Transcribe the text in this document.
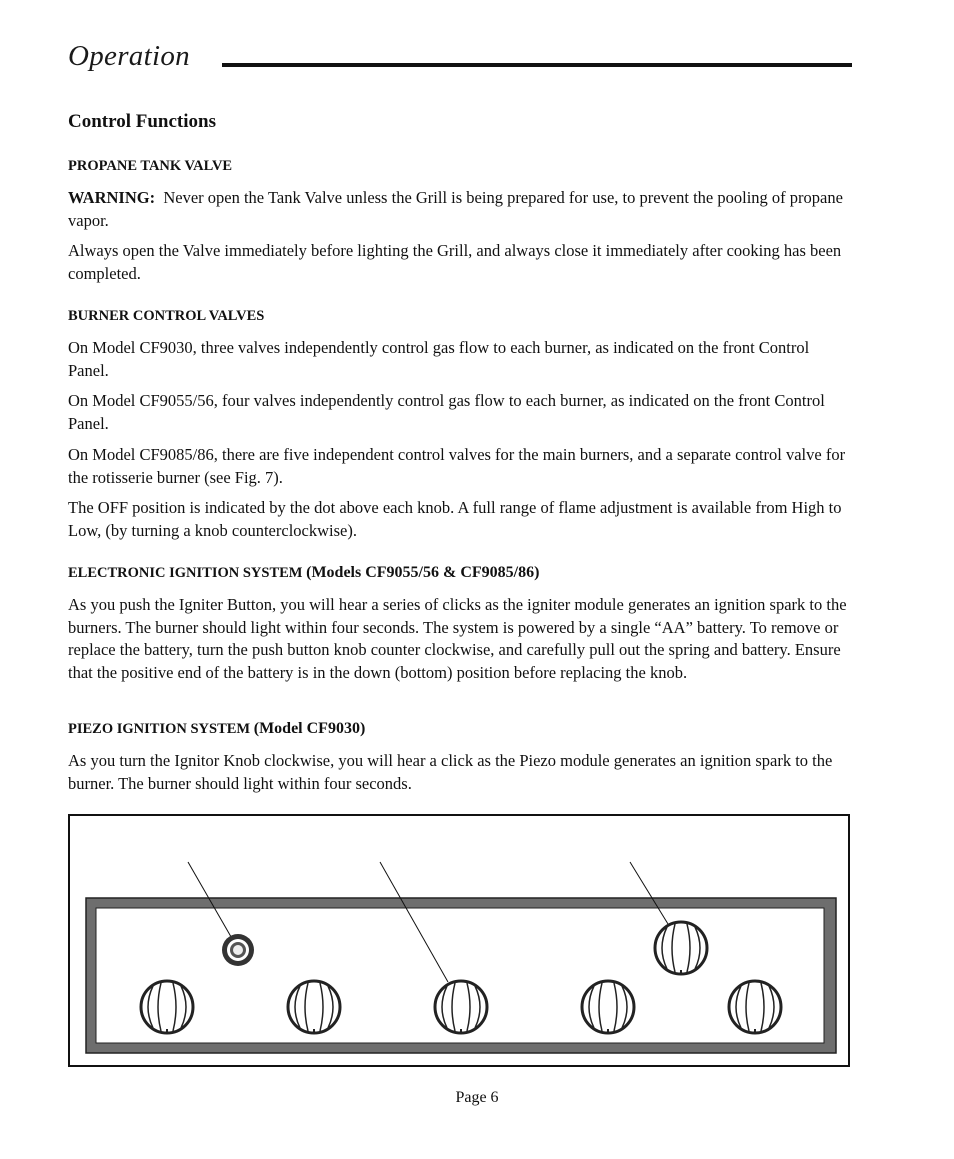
Operation
Control Functions
PROPANE TANK VALVE
WARNING: Never open the Tank Valve unless the Grill is being prepared for use, to prevent the pooling of propane vapor.
Always open the Valve immediately before lighting the Grill, and always close it immediately after cooking has been completed.
BURNER CONTROL VALVES
On Model CF9030, three valves independently control gas flow to each burner, as indicated on the front Control Panel.
On Model CF9055/56, four valves independently control gas flow to each burner, as indicated on the front Control Panel.
On Model CF9085/86, there are five independent control valves for the main burners, and a separate control valve for the rotisserie burner (see Fig. 7).
The OFF position is indicated by the dot above each knob. A full range of flame adjustment is available from High to Low, (by turning a knob counterclockwise).
ELECTRONIC IGNITION SYSTEM (Models CF9055/56 & CF9085/86)
As you push the Igniter Button, you will hear a series of clicks as the igniter module generates an ignition spark to the burners. The burner should light within four seconds. The system is powered by a single “AA” battery. To remove or replace the battery, turn the push button knob counter clockwise, and carefully pull out the spring and battery. Ensure that the positive end of the battery is in the down (bottom) position before replacing the knob.
PIEZO IGNITION SYSTEM (Model CF9030)
As you turn the Ignitor Knob clockwise, you will hear a click as the Piezo module generates an ignition spark to the burner. The burner should light within four seconds.
Page 6
